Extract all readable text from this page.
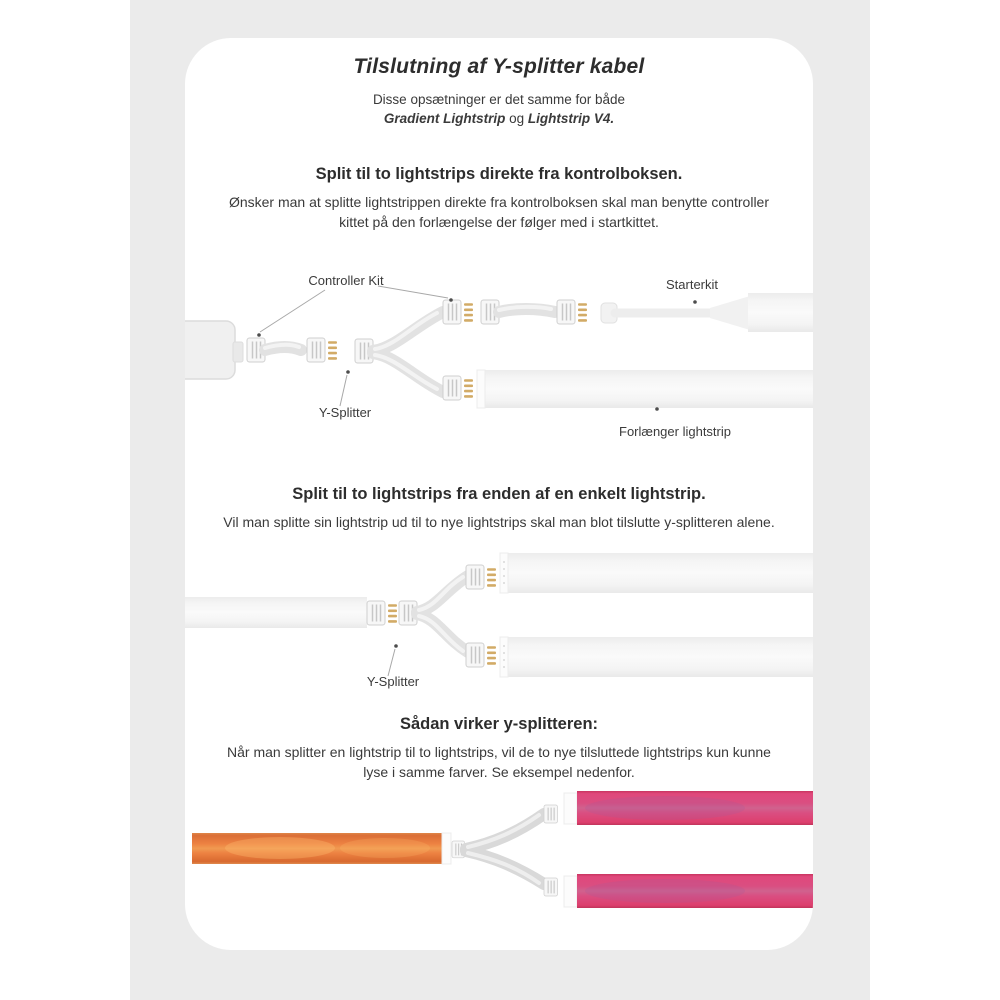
Tilslutning af Y-splitter kabel

Disse opsætninger er det samme for både
Gradient Lightstrip og Lightstrip V4.

Split til to lightstrips direkte fra kontrolboksen.

Ønsker man at splitte lightstrippen direkte fra kontrolboksen skal man benytte controller kittet på den forlængelse der følger med i startkittet.

Controller Kit	Starterkit
Y-Splitter
Forlænger lightstrip
Split til to lightstrips fra enden af en enkelt lightstrip.

Vil man splitte sin lightstrip ud til to nye lightstrips skal man blot tilslutte y-splitteren alene.

Y-Splitter
Sådan virker y-splitteren:

Når man splitter en lightstrip til to lightstrips, vil de to nye tilsluttede lightstrips kun kunne lyse i samme farver. Se eksempel nedenfor.
